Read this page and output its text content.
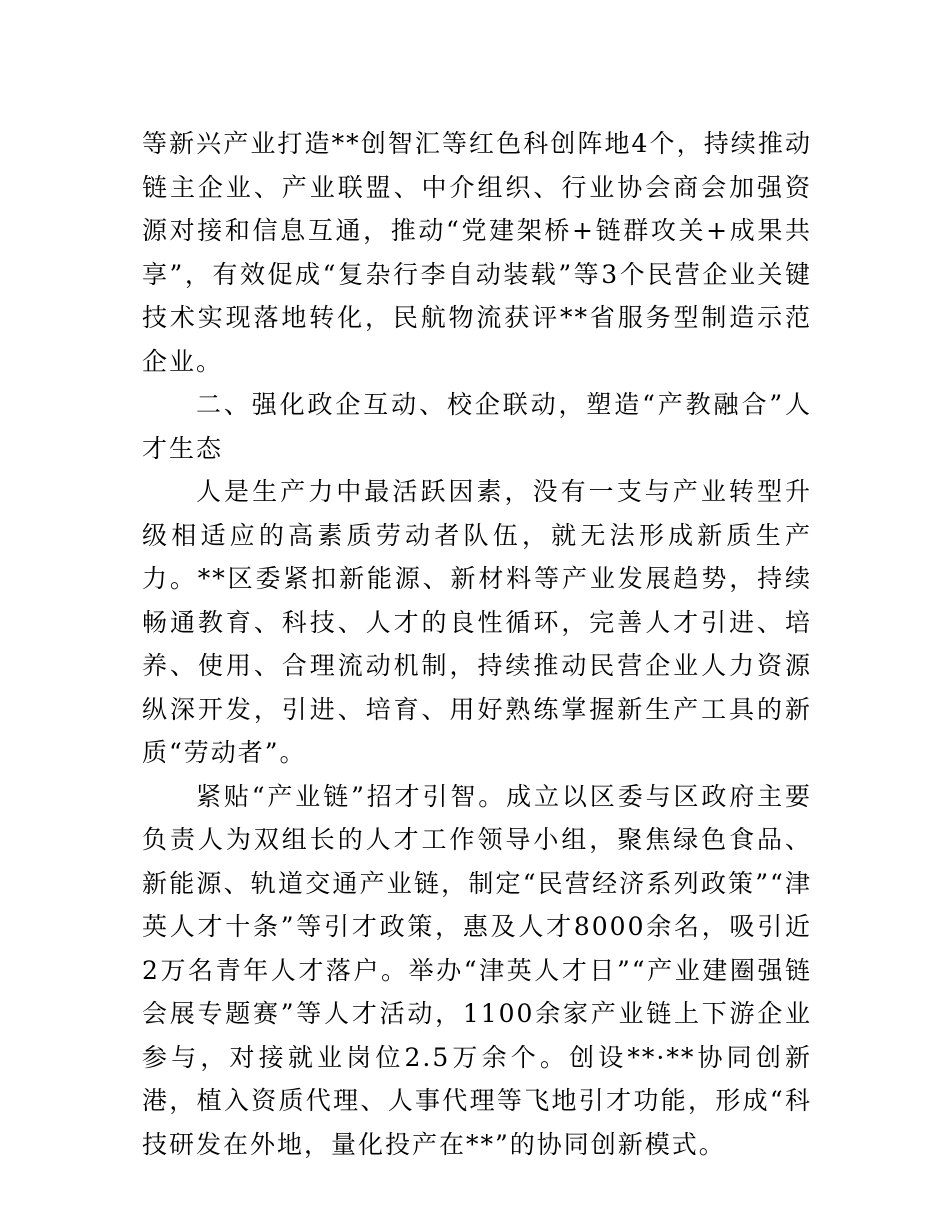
等新兴产业打造**创智汇等红色科创阵地4个，持续推动链主企业、产业联盟、中介组织、行业协会商会加强资源对接和信息互通，推动“党建架桥+链群攻关+成果共享”，有效促成“复杂行李自动装载”等3个民营企业关键技术实现落地转化，民航物流获评**省服务型制造示范企业。

二、强化政企互动、校企联动，塑造“产教融合”人才生态

人是生产力中最活跃因素，没有一支与产业转型升级相适应的高素质劳动者队伍，就无法形成新质生产力。**区委紧扣新能源、新材料等产业发展趋势，持续畅通教育、科技、人才的良性循环，完善人才引进、培养、使用、合理流动机制，持续推动民营企业人力资源纵深开发，引进、培育、用好熟练掌握新生产工具的新质“劳动者”。

紧贴“产业链”招才引智。成立以区委与区政府主要负责人为双组长的人才工作领导小组，聚焦绿色食品、新能源、轨道交通产业链，制定“民营经济系列政策”“津英人才十条”等引才政策，惠及人才8000余名，吸引近2万名青年人才落户。举办“津英人才日”“产业建圈强链会展专题赛”等人才活动，1100余家产业链上下游企业参与，对接就业岗位2.5万余个。创设**·**协同创新港，植入资质代理、人事代理等飞地引才功能，形成“科技研发在外地，量化投产在**”的协同创新模式。
